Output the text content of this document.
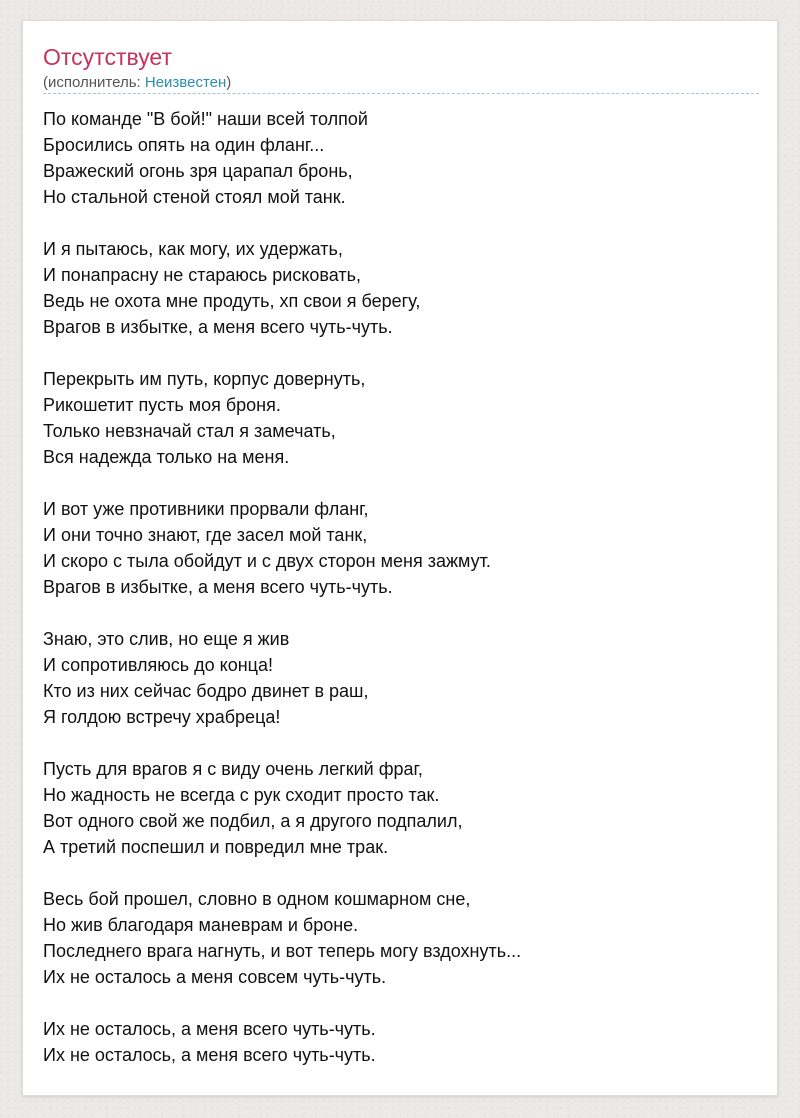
Отсутствует
(исполнитель: Неизвестен)
По команде "В бой!" наши всей толпой
Бросились опять на один фланг...
Вражеский огонь зря царапал бронь,
Но стальной стеной стоял мой танк.
И я пытаюсь, как могу, их удержать,
И понапрасну не стараюсь рисковать,
Ведь не охота мне продуть, хп свои я берегу,
Врагов в избытке, а меня всего чуть-чуть.
Перекрыть им путь, корпус довернуть,
Рикошетит пусть моя броня.
Только невзначай стал я замечать,
Вся надежда только на меня.
И вот уже противники прорвали фланг,
И они точно знают, где засел мой танк,
И скоро с тыла обойдут и с двух сторон меня зажмут.
Врагов в избытке, а меня всего чуть-чуть.
Знаю, это слив, но еще я жив
И сопротивляюсь до конца!
Кто из них сейчас бодро двинет в раш,
Я голдою встречу храбреца!
Пусть для врагов я с виду очень легкий фраг,
Но жадность не всегда с рук сходит просто так.
Вот одного свой же подбил, а я другого подпалил,
А третий поспешил и повредил мне трак.
Весь бой прошел, словно в одном кошмарном сне,
Но жив благодаря маневрам и броне.
Последнего врага нагнуть, и вот теперь могу вздохнуть...
Их не осталось а меня совсем чуть-чуть.
Их не осталось, а меня всего чуть-чуть.
Их не осталось, а меня всего чуть-чуть.
